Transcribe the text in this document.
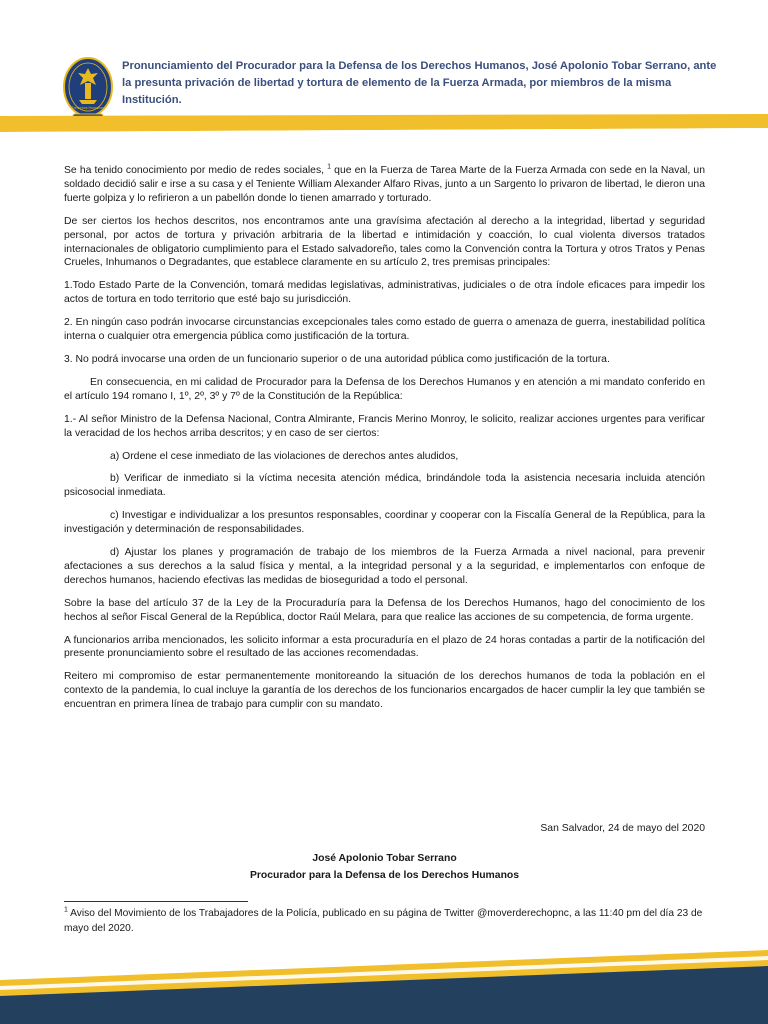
Derechos Humanos

Pronunciamiento del Procurador para la Defensa de los Derechos Humanos, José Apolonio Tobar Serrano, ante la presunta privación de libertad y tortura de elemento de la Fuerza Armada, por miembros de la misma Institución.

Se ha tenido conocimiento por medio de redes sociales, $^1$ que en la Fuerza de Tarea Marte de la Fuerza Armada con sede en la Naval, un soldado decidió salir e irse a su casa y el Teniente William Alexander Alfaro Rivas, junto a un Sargento lo privaron de libertad, le dieron una fuerte golpiza y lo refirieron a un pabellón donde lo tienen amarrado y torturado.

De ser ciertos los hechos descritos, nos encontramos ante una gravísima afectación al derecho a la integridad, libertad y seguridad personal, por actos de tortura y privación arbitraria de la libertad e intimidación y coacción, lo cual violenta diversos tratados internacionales de obligatorio cumplimiento para el Estado salvadoreño, tales como la Convención contra la Tortura y otros Tratos y Penas Crueles, Inhumanos o Degradantes, que establece claramente en su artículo 2, tres premisas principales:

1.Todo Estado Parte de la Convención, tomará medidas legislativas, administrativas, judiciales o de otra índole eficaces para impedir los actos de tortura en todo territorio que esté bajo su jurisdicción.

2. En ningún caso podrán invocarse circunstancias excepcionales tales como estado de guerra o amenaza de guerra, inestabilidad política interna o cualquier otra emergencia pública como justificación de la tortura.

3. No podrá invocarse una orden de un funcionario superior o de una autoridad pública como justificación de la tortura.

En consecuencia, en mi calidad de Procurador para la Defensa de los Derechos Humanos y en atención a mi mandato conferido en el artículo 194 romano I, 1º, 2º, 3º y 7º de la Constitución de la República:

1.- Al señor Ministro de la Defensa Nacional, Contra Almirante, Francis Merino Monroy, le solicito, realizar acciones urgentes para verificar la veracidad de los hechos arriba descritos; y en caso de ser ciertos:

a) Ordene el cese inmediato de las violaciones de derechos antes aludidos,

b) Verificar de inmediato si la víctima necesita atención médica, brindándole toda la asistencia necesaria incluida atención psicosocial inmediata.

c) Investigar e individualizar a los presuntos responsables, coordinar y cooperar con la Fiscalía General de la República, para la investigación y determinación de responsabilidades.

d) Ajustar los planes y programación de trabajo de los miembros de la Fuerza Armada a nivel nacional, para prevenir afectaciones a sus derechos a la salud física y mental, a la integridad personal y a la seguridad, e implementarlos con enfoque de derechos humanos, haciendo efectivas las medidas de bioseguridad a todo el personal.

Sobre la base del artículo 37 de la Ley de la Procuraduría para la Defensa de los Derechos Humanos, hago del conocimiento de los hechos al señor Fiscal General de la República, doctor Raúl Melara, para que realice las acciones de su competencia, de forma urgente.

A funcionarios arriba mencionados, les solicito informar a esta procuraduría en el plazo de 24 horas contadas a partir de la notificación del presente pronunciamiento sobre el resultado de las acciones recomendadas.

Reitero mi compromiso de estar permanentemente monitoreando la situación de los derechos humanos de toda la población en el contexto de la pandemia, lo cual incluye la garantía de los derechos de los funcionarios encargados de hacer cumplir la ley que también se encuentran en primera línea de trabajo para cumplir con su mandato.

San Salvador, 24 de mayo del 2020
José Apolonio Tobar Serrano
Procurador para la Defensa de los Derechos Humanos
$^1$ Aviso del Movimiento de los Trabajadores de la Policía, publicado en su página de Twitter @moverderechopnc, a las 11:40 pm del día 23 de mayo del 2020.
